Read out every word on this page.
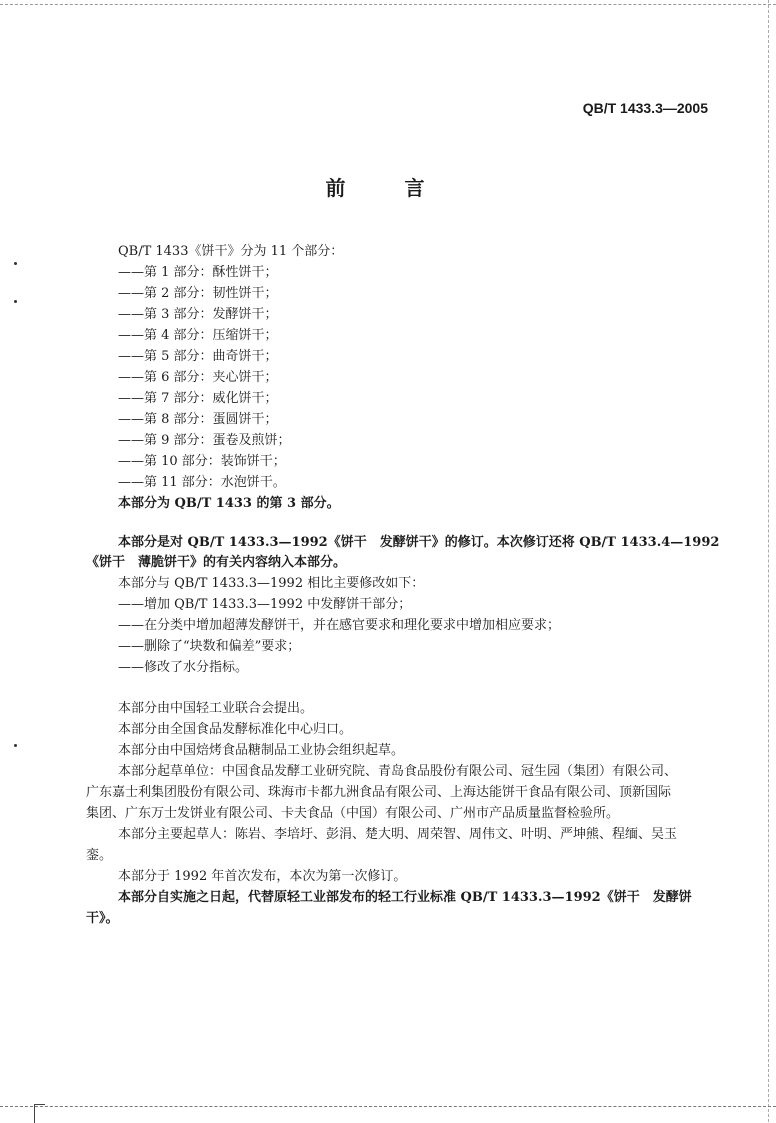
QB/T 1433.3—2005
前 言
QB/T 1433《饼干》分为 11 个部分：
——第 1 部分：酥性饼干；
——第 2 部分：韧性饼干；
——第 3 部分：发酵饼干；
——第 4 部分：压缩饼干；
——第 5 部分：曲奇饼干；
——第 6 部分：夹心饼干；
——第 7 部分：威化饼干；
——第 8 部分：蛋圆饼干；
——第 9 部分：蛋卷及煎饼；
——第 10 部分：装饰饼干；
——第 11 部分：水泡饼干。
本部分为 QB/T 1433 的第 3 部分。
本部分是对 QB/T 1433.3—1992《饼干　发酵饼干》的修订。本次修订还将 QB/T 1433.4—1992
《饼干　薄脆饼干》的有关内容纳入本部分。
本部分与 QB/T 1433.3—1992 相比主要修改如下：
——增加 QB/T 1433.3—1992 中发酵饼干部分；
——在分类中增加超薄发酵饼干，并在感官要求和理化要求中增加相应要求；
——删除了“块数和偏差”要求；
——修改了水分指标。
本部分由中国轻工业联合会提出。
本部分由全国食品发酵标准化中心归口。
本部分由中国焙烤食品糖制品工业协会组织起草。
本部分起草单位：中国食品发酵工业研究院、青岛食品股份有限公司、冠生园（集团）有限公司、
广东嘉士利集团股份有限公司、珠海市卡都九洲食品有限公司、上海达能饼干食品有限公司、顶新国际
集团、广东万士发饼业有限公司、卡夫食品（中国）有限公司、广州市产品质量监督检验所。
本部分主要起草人：陈岩、李培圩、彭涓、楚大明、周荣智、周伟文、叶明、严坤熊、程缅、吴玉
銮。
本部分于 1992 年首次发布，本次为第一次修订。
本部分自实施之日起，代替原轻工业部发布的轻工行业标准 QB/T 1433.3—1992《饼干　发酵饼
干》。
